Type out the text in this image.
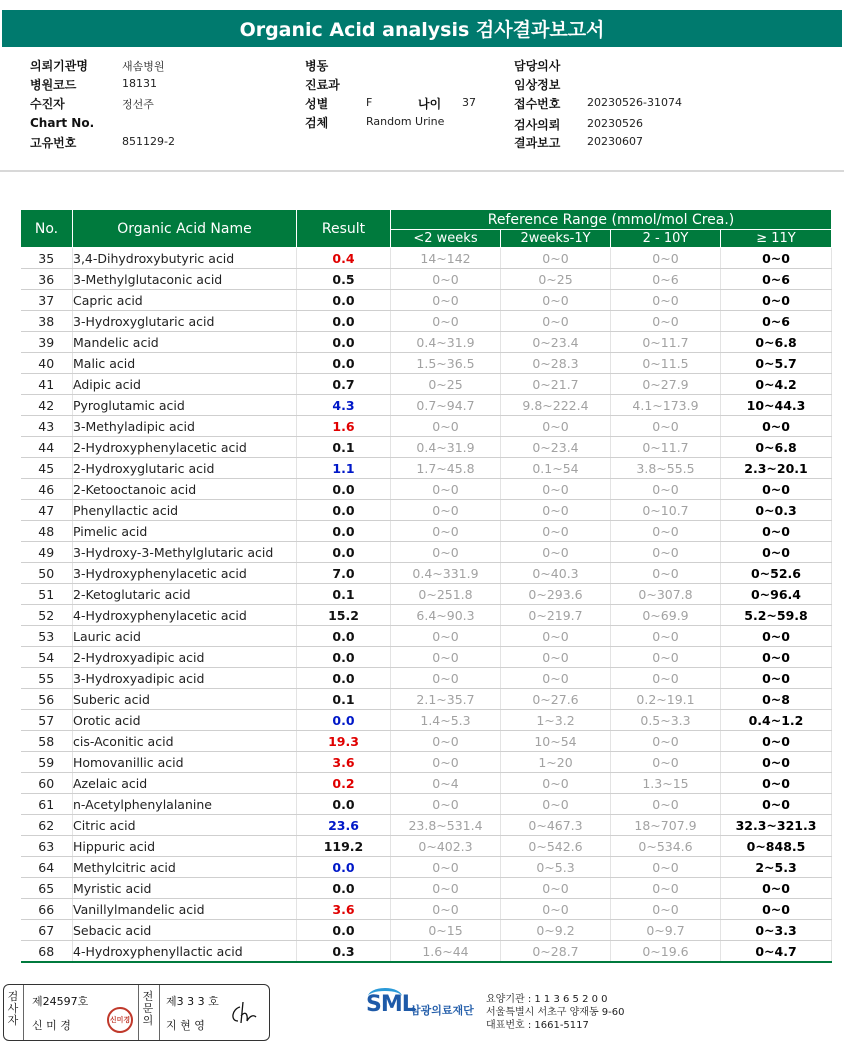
Organic Acid analysis 검사결과보고서
의뢰기관명	새솜병원
병원코드	18131
수진자	정선주
Chart No.
고유번호	851129-2
병동
진료과
성별	F	나이 37
검체	Random Urine
담당의사
임상정보
접수번호 20230526-31074
검사의뢰 20230526
결과보고 20230607
No.	Organic Acid Name	Result	Reference Range (mmol/mol Crea.)			
			<2 weeks	2weeks-1Y	2 - 10Y	≥ 11Y
35	3,4-Dihydroxybutyric acid	0.4	14~142	0~0	0~0	0~0
36	3-Methylglutaconic acid	0.5	0~0	0~25	0~6	0~6
37	Capric acid	0.0	0~0	0~0	0~0	0~0
38	3-Hydroxyglutaric acid	0.0	0~0	0~0	0~0	0~6
39	Mandelic acid	0.0	0.4~31.9	0~23.4	0~11.7	0~6.8
40	Malic acid	0.0	1.5~36.5	0~28.3	0~11.5	0~5.7
41	Adipic acid	0.7	0~25	0~21.7	0~27.9	0~4.2
42	Pyroglutamic acid	4.3	0.7~94.7	9.8~222.4	4.1~173.9	10~44.3
43	3-Methyladipic acid	1.6	0~0	0~0	0~0	0~0
44	2-Hydroxyphenylacetic acid	0.1	0.4~31.9	0~23.4	0~11.7	0~6.8
45	2-Hydroxyglutaric acid	1.1	1.7~45.8	0.1~54	3.8~55.5	2.3~20.1
46	2-Ketooctanoic acid	0.0	0~0	0~0	0~0	0~0
47	Phenyllactic acid	0.0	0~0	0~0	0~10.7	0~0.3
48	Pimelic acid	0.0	0~0	0~0	0~0	0~0
49	3-Hydroxy-3-Methylglutaric acid	0.0	0~0	0~0	0~0	0~0
50	3-Hydroxyphenylacetic acid	7.0	0.4~331.9	0~40.3	0~0	0~52.6
51	2-Ketoglutaric acid	0.1	0~251.8	0~293.6	0~307.8	0~96.4
52	4-Hydroxyphenylacetic acid	15.2	6.4~90.3	0~219.7	0~69.9	5.2~59.8
53	Lauric acid	0.0	0~0	0~0	0~0	0~0
54	2-Hydroxyadipic acid	0.0	0~0	0~0	0~0	0~0
55	3-Hydroxyadipic acid	0.0	0~0	0~0	0~0	0~0
56	Suberic acid	0.1	2.1~35.7	0~27.6	0.2~19.1	0~8
57	Orotic acid	0.0	1.4~5.3	1~3.2	0.5~3.3	0.4~1.2
58	cis-Aconitic acid	19.3	0~0	10~54	0~0	0~0
59	Homovanillic acid	3.6	0~0	1~20	0~0	0~0
60	Azelaic acid	0.2	0~4	0~0	1.3~15	0~0
61	n-Acetylphenylalanine	0.0	0~0	0~0	0~0	0~0
62	Citric acid	23.6	23.8~531.4	0~467.3	18~707.9	32.3~321.3
63	Hippuric acid	119.2	0~402.3	0~542.6	0~534.6	0~848.5
64	Methylcitric acid	0.0	0~0	0~5.3	0~0	2~5.3
65	Myristic acid	0.0	0~0	0~0	0~0	0~0
66	Vanillylmandelic acid	3.6	0~0	0~0	0~0	0~0
67	Sebacic acid	0.0	0~15	0~9.2	0~9.7	0~3.3
68	4-Hydroxyphenyllactic acid	0.3	1.6~44	0~28.7	0~19.6	0~4.7
검사자
제24597호
신 미 경	신미경
전문의
제3 3 3 호
지 현 영
SML
삼광의료재단
요양기관 : 1 1 3 6 5 2 0 0
서울특별시 서초구 양재동 9-60
대표번호 : 1661-5117
